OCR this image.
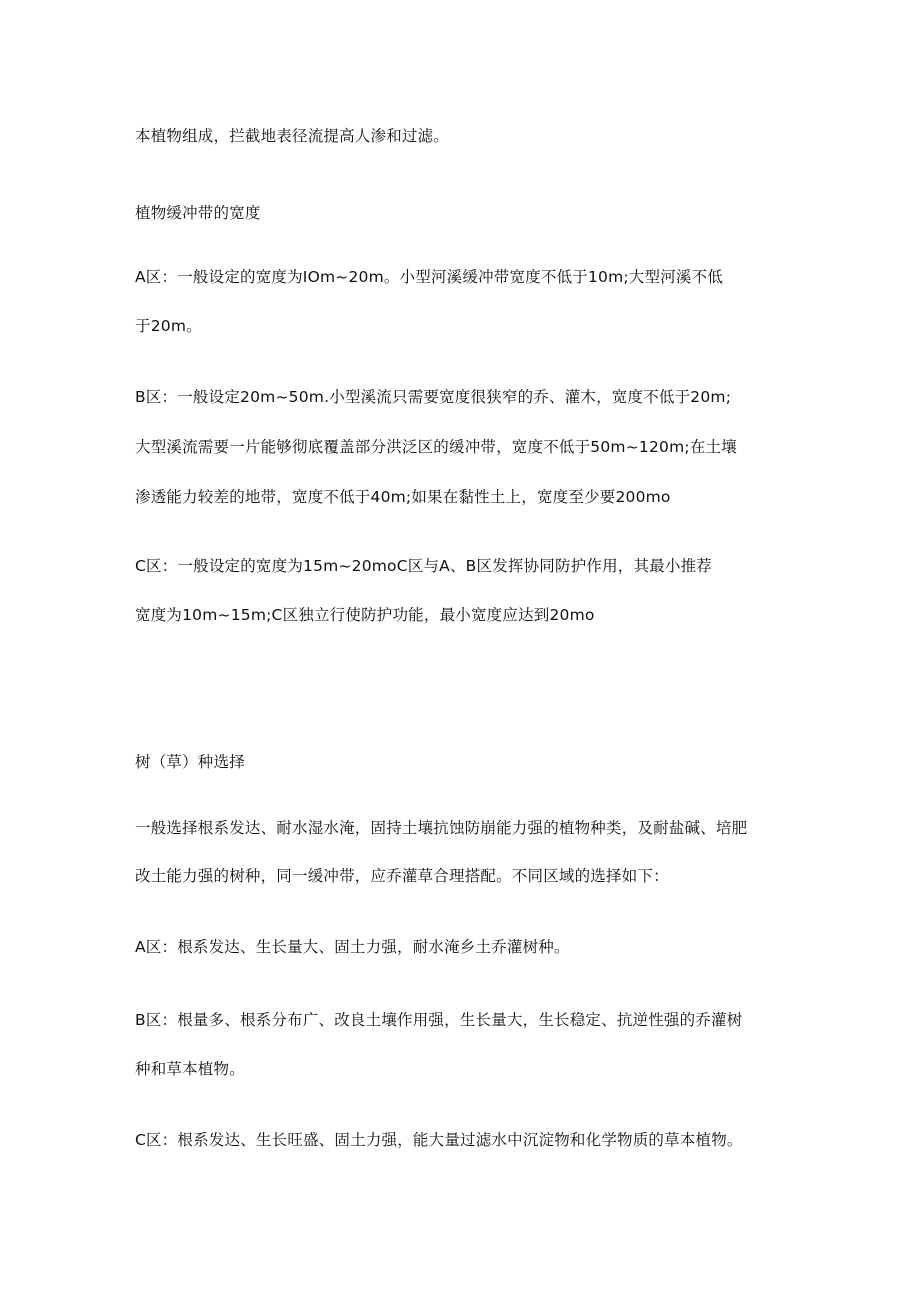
本植物组成，拦截地表径流提高人渗和过滤。
植物缓冲带的宽度
A区：一般设定的宽度为IOm~20m。小型河溪缓冲带宽度不低于10m;大型河溪不低
于20m。
B区：一般设定20m~50m.小型溪流只需要宽度很狭窄的乔、灌木，宽度不低于20m;
大型溪流需要一片能够彻底覆盖部分洪泛区的缓冲带，宽度不低于50m~120m;在土壤
渗透能力较差的地带，宽度不低于40m;如果在黏性土上，宽度至少要200mo
C区：一般设定的宽度为15m~20moC区与A、B区发挥协同防护作用，其最小推荐
宽度为10m~15m;C区独立行使防护功能，最小宽度应达到20mo
树（草）种选择
一般选择根系发达、耐水湿水淹，固持土壤抗蚀防崩能力强的植物种类，及耐盐碱、培肥
改土能力强的树种，同一缓冲带，应乔灌草合理搭配。不同区域的选择如下：
A区：根系发达、生长量大、固土力强，耐水淹乡土乔灌树种。
B区：根量多、根系分布广、改良土壤作用强，生长量大，生长稳定、抗逆性强的乔灌树
种和草本植物。
C区：根系发达、生长旺盛、固土力强，能大量过滤水中沉淀物和化学物质的草本植物。
